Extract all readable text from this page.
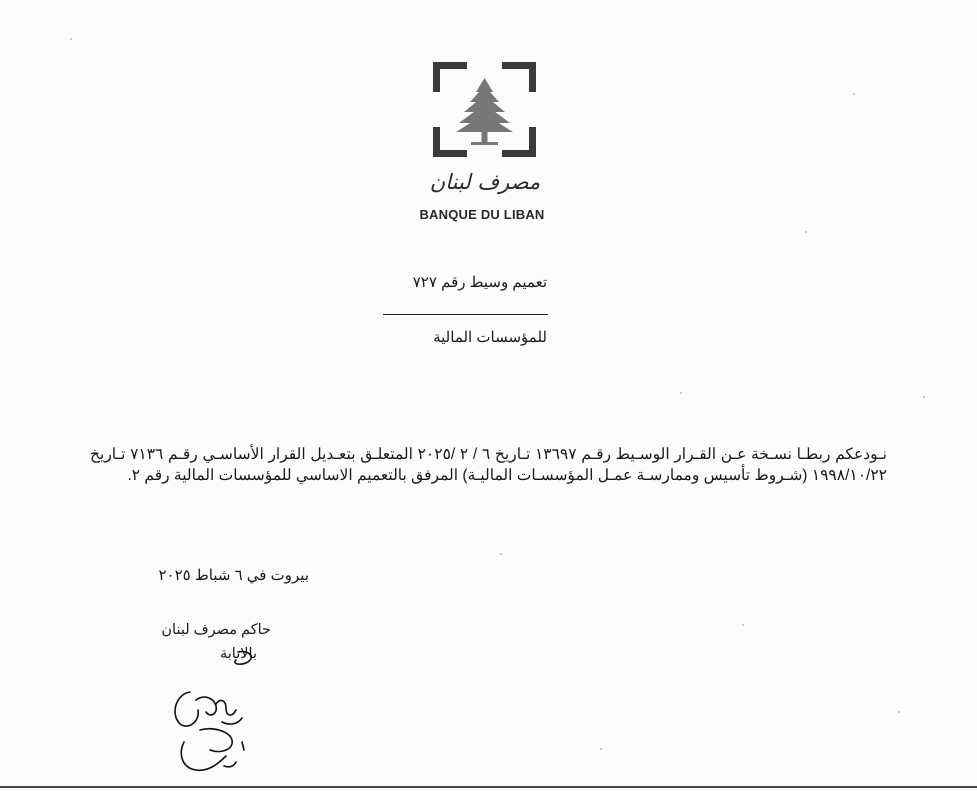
مصرف لبنان
BANQUE DU LIBAN
تعميم وسيط رقم ٧٢٧
للمؤسسات المالية

نـودعكم ربطـا نسـخة عـن القـرار الوسـيط رقـم ١٣٦٩٧ تـاريخ ٦ / ٢ /٢٠٢٥ المتعلـق بتعـديل القرار الأساسـي رقـم ٧١٣٦ تـاريخ ١٩٩٨/١٠/٢٢ (شـروط تأسيس وممارسـة عمـل المؤسسـات الماليـة) المرفق بالتعميم الاساسي للمؤسسات المالية رقم ٢.

بيروت في ٦ شباط ٢٠٢٥
حاكم مصرف لبنان
بالانابة
